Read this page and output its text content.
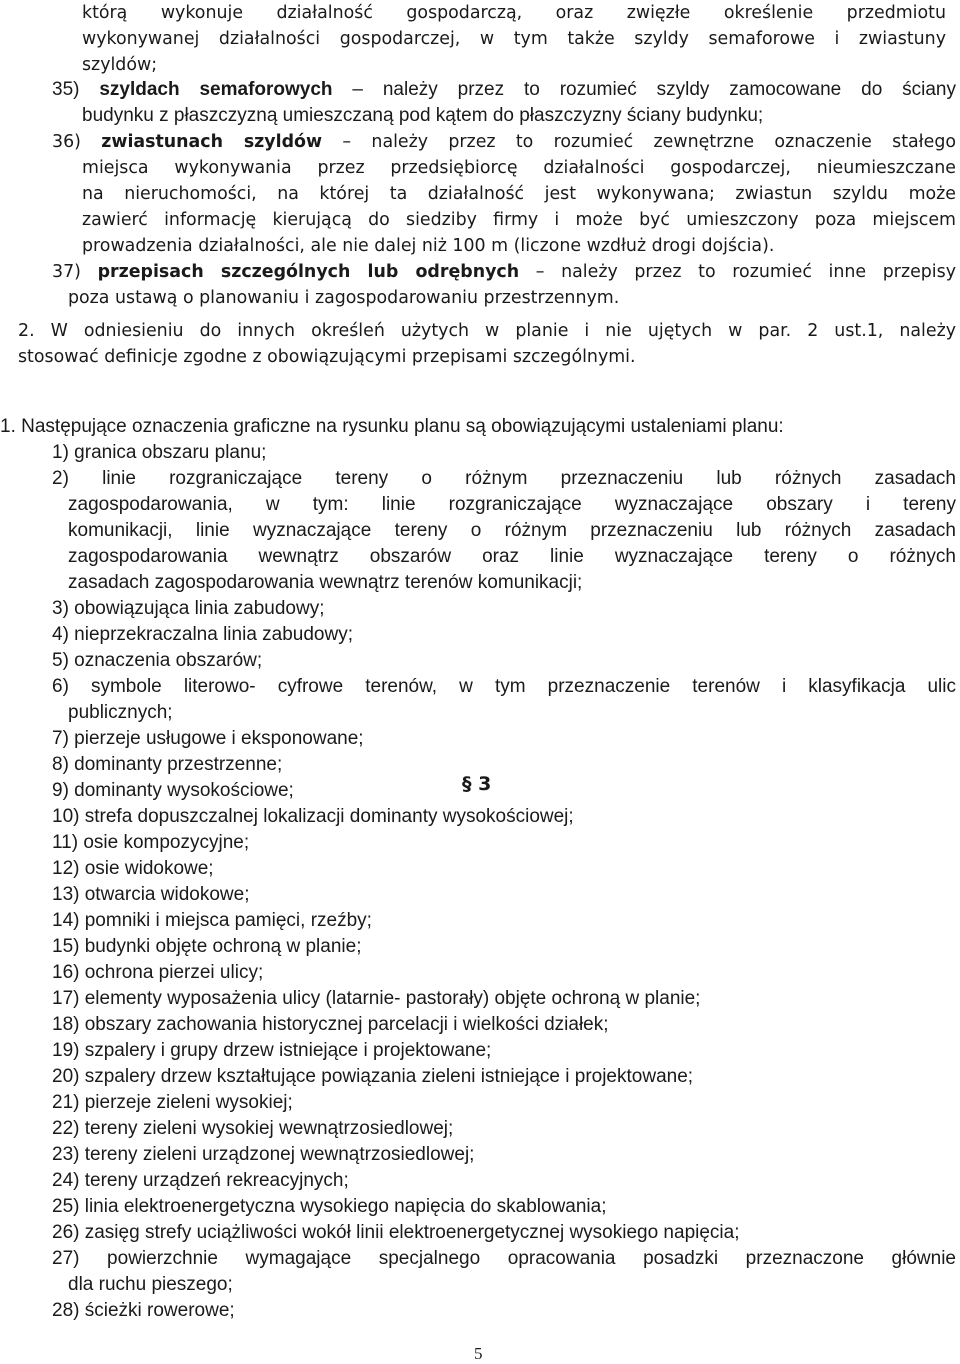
którą wykonuje działalność gospodarczą, oraz zwięzłe określenie przedmiotu
wykonywanej działalności gospodarczej, w tym także szyldy semaforowe i zwiastuny
szyldów;
35) szyldach semaforowych – należy przez to rozumieć szyldy zamocowane do ściany
budynku z płaszczyzną umieszczaną pod kątem do płaszczyzny ściany budynku;
36) zwiastunach szyldów – należy przez to rozumieć zewnętrzne oznaczenie stałego
miejsca wykonywania przez przedsiębiorcę działalności gospodarczej, nieumieszczane
na nieruchomości, na której ta działalność jest wykonywana; zwiastun szyldu może
zawierć informację kierującą do siedziby firmy i może być umieszczony poza miejscem
prowadzenia działalności, ale nie dalej niż 100 m (liczone wzdłuż drogi dojścia).
37) przepisach szczególnych lub odrębnych – należy przez to rozumieć inne przepisy
poza ustawą o planowaniu i zagospodarowaniu przestrzennym.
2. W odniesieniu do innych określeń użytych w planie i nie ujętych w par. 2 ust.1, należy
stosować definicje zgodne z obowiązującymi przepisami szczególnymi.
§ 3
1. Następujące oznaczenia graficzne na rysunku planu są obowiązującymi ustaleniami planu:
1) granica obszaru planu;
2) linie rozgraniczające tereny o różnym przeznaczeniu lub różnych zasadach
zagospodarowania, w tym: linie rozgraniczające wyznaczające obszary i tereny
komunikacji, linie wyznaczające tereny o różnym przeznaczeniu lub różnych zasadach
zagospodarowania wewnątrz obszarów oraz linie wyznaczające tereny o różnych
zasadach zagospodarowania wewnątrz terenów komunikacji;
3) obowiązująca linia zabudowy;
4) nieprzekraczalna linia zabudowy;
5) oznaczenia obszarów;
6) symbole literowo- cyfrowe terenów, w tym przeznaczenie terenów i klasyfikacja ulic
publicznych;
7) pierzeje usługowe i eksponowane;
8) dominanty przestrzenne;
9) dominanty wysokościowe;
10) strefa dopuszczalnej lokalizacji dominanty wysokościowej;
11) osie kompozycyjne;
12) osie widokowe;
13) otwarcia widokowe;
14) pomniki i miejsca pamięci, rzeźby;
15) budynki objęte ochroną w planie;
16) ochrona pierzei ulicy;
17) elementy wyposażenia ulicy (latarnie- pastorały) objęte ochroną w planie;
18) obszary zachowania historycznej parcelacji i wielkości działek;
19) szpalery i grupy drzew istniejące i projektowane;
20) szpalery drzew kształtujące powiązania zieleni istniejące i projektowane;
21) pierzeje zieleni wysokiej;
22) tereny zieleni wysokiej wewnątrzosiedlowej;
23) tereny zieleni urządzonej wewnątrzosiedlowej;
24) tereny urządzeń rekreacyjnych;
25) linia elektroenergetyczna wysokiego napięcia do skablowania;
26) zasięg strefy uciążliwości wokół linii elektroenergetycznej wysokiego napięcia;
27) powierzchnie wymagające specjalnego opracowania posadzki przeznaczone głównie
dla ruchu pieszego;
28) ścieżki rowerowe;
5
